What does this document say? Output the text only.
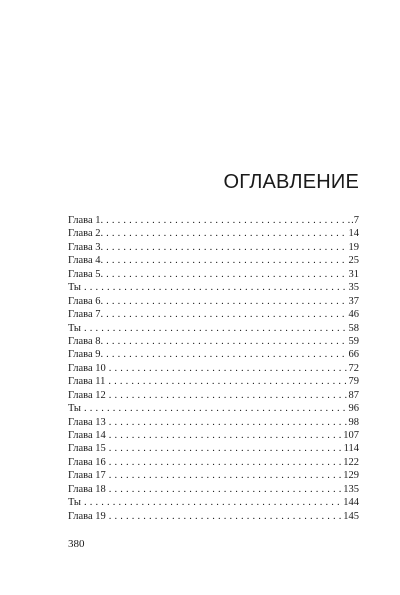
ОГЛАВЛЕНИЕ
Глава 1. . . .	.7
Глава 2. . . .	14
Глава 3. . . .	19
Глава 4. . . .	25
Глава 5. . . .	31
Ты . . .	35
Глава 6. . . .	37
Глава 7. . . .	46
Ты . . .	58
Глава 8. . . .	59
Глава 9. . . .	66
Глава 10 . . .	72
Глава 11 . . .	79
Глава 12 . . .	87
Ты . . .	96
Глава 13 . . .	98
Глава 14 . . .	107
Глава 15 . . .	114
Глава 16 . . .	122
Глава 17 . . .	129
Глава 18 . . .	135
Ты . . .	144
Глава 19 . . .	145

380
